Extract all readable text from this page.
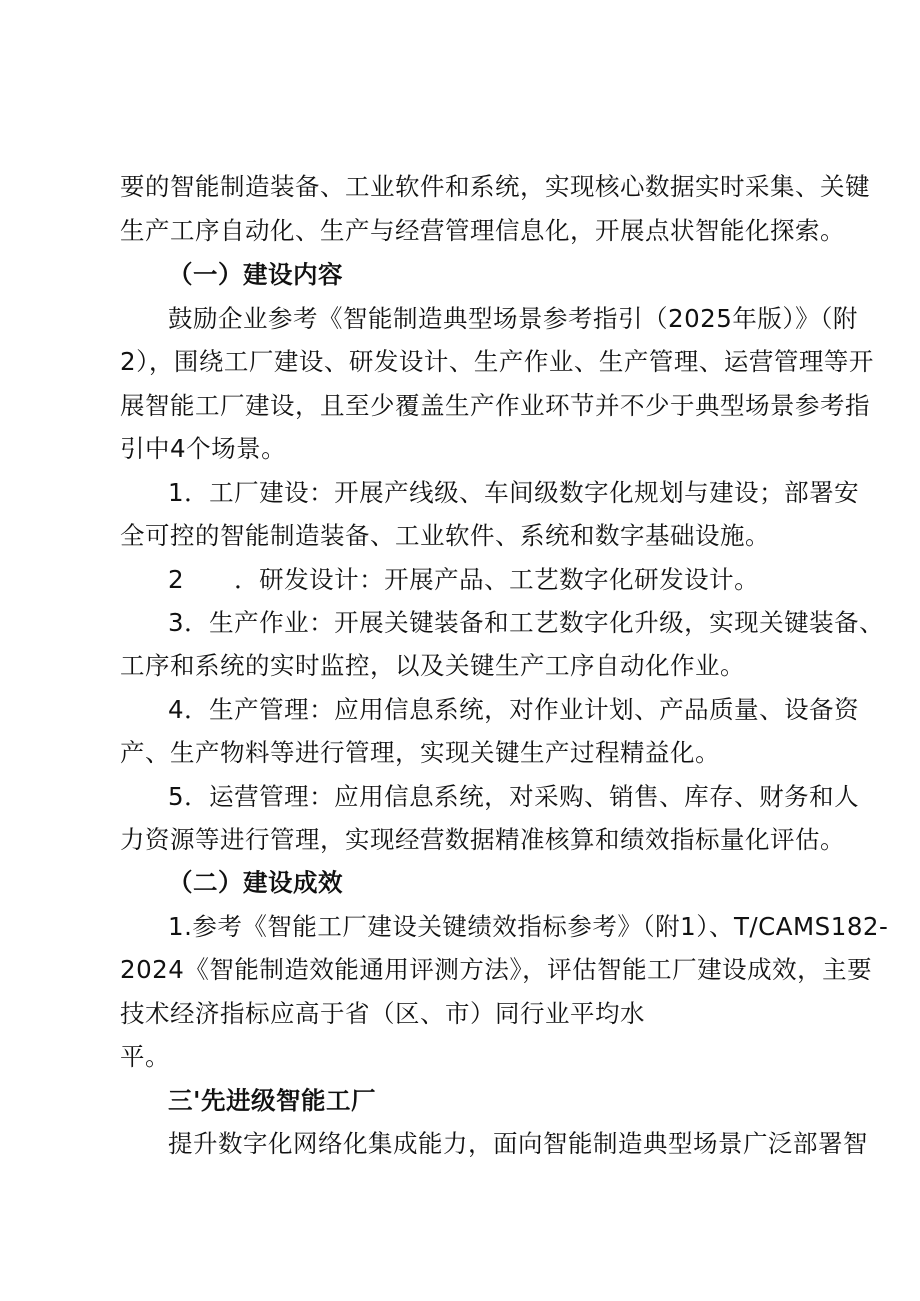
要的智能制造装备、工业软件和系统，实现核心数据实时采集、关键
生产工序自动化、生产与经营管理信息化，开展点状智能化探索。
（一）建设内容
鼓励企业参考《智能制造典型场景参考指引（2025年版）》（附
2），围绕工厂建设、研发设计、生产作业、生产管理、运营管理等开
展智能工厂建设，且至少覆盖生产作业环节并不少于典型场景参考指
引中4个场景。
1．工厂建设：开展产线级、车间级数字化规划与建设；部署安
全可控的智能制造装备、工业软件、系统和数字基础设施。
2　　．研发设计：开展产品、工艺数字化研发设计。
3．生产作业：开展关键装备和工艺数字化升级，实现关键装备、
工序和系统的实时监控，以及关键生产工序自动化作业。
4．生产管理：应用信息系统，对作业计划、产品质量、设备资
产、生产物料等进行管理，实现关键生产过程精益化。
5．运营管理：应用信息系统，对采购、销售、库存、财务和人
力资源等进行管理，实现经营数据精准核算和绩效指标量化评估。
（二）建设成效
1.参考《智能工厂建设关键绩效指标参考》（附1）、T/CAMS182-
2024《智能制造效能通用评测方法》，评估智能工厂建设成效，主要
技术经济指标应高于省（区、市）同行业平均水
平。
三'先进级智能工厂
提升数字化网络化集成能力，面向智能制造典型场景广泛部署智
